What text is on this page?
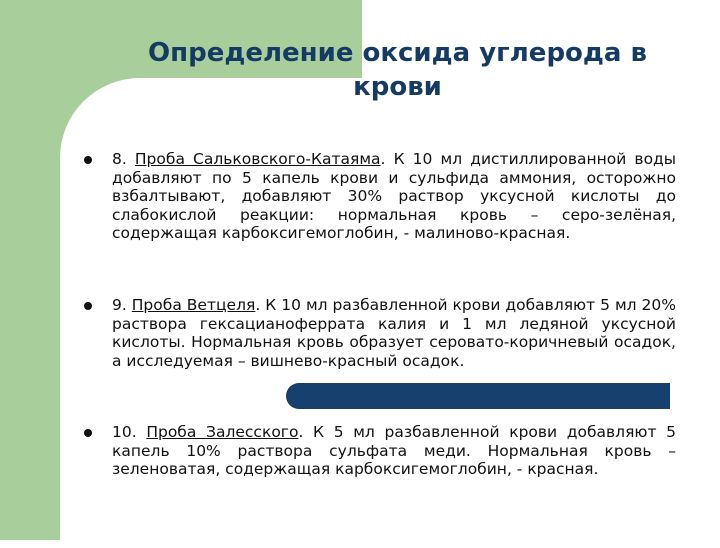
Определение оксида углерода в крови
8. Проба Сальковского-Катаяма. К 10 мл дистиллированной воды добавляют по 5 капель крови и сульфида аммония, осторожно взбалтывают, добавляют 30% раствор уксусной кислоты до слабокислой реакции: нормальная кровь – серо-зелёная, содержащая карбоксигемоглобин, - малиново-красная.
9. Проба Ветцеля. К 10 мл разбавленной крови добавляют 5 мл 20% раствора гексацианоферрата калия и 1 мл ледяной уксусной кислоты. Нормальная кровь образует серовато-коричневый осадок, а исследуемая – вишнево-красный осадок.
10. Проба Залесского. К 5 мл разбавленной крови добавляют 5 капель 10% раствора сульфата меди. Нормальная кровь – зеленоватая, содержащая карбоксигемоглобин, - красная.
